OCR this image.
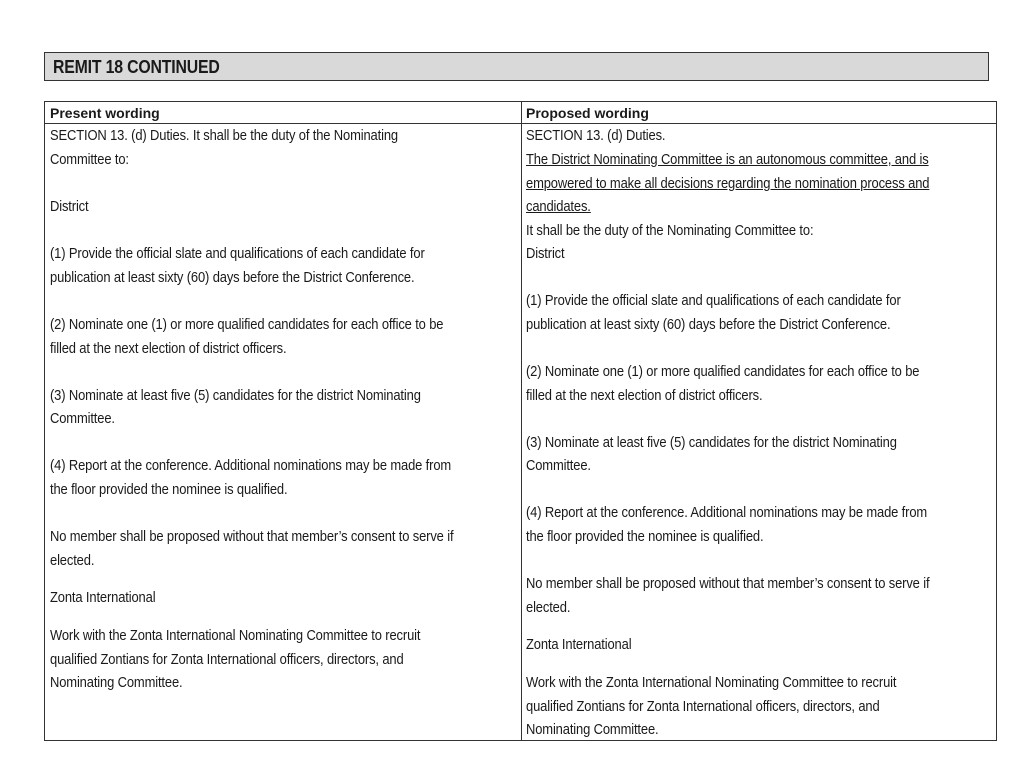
REMIT 18 CONTINUED
Present wording	Proposed wording
SECTION 13. (d) Duties. It shall be the duty of the Nominating
Committee to:
District
(1) Provide the official slate and qualifications of each candidate for
publication at least sixty (60) days before the District Conference.
(2) Nominate one (1) or more qualified candidates for each office to be
filled at the next election of district officers.
(3) Nominate at least five (5) candidates for the district Nominating
Committee.
(4) Report at the conference. Additional nominations may be made from
the floor provided the nominee is qualified.
No member shall be proposed without that member’s consent to serve if
elected.
Zonta International
Work with the Zonta International Nominating Committee to recruit
qualified Zontians for Zonta International officers, directors, and
Nominating Committee.
SECTION 13. (d) Duties.
The District Nominating Committee is an autonomous committee, and is
empowered to make all decisions regarding the nomination process and
candidates.
It shall be the duty of the Nominating Committee to:
District
(1) Provide the official slate and qualifications of each candidate for
publication at least sixty (60) days before the District Conference.
(2) Nominate one (1) or more qualified candidates for each office to be
filled at the next election of district officers.
(3) Nominate at least five (5) candidates for the district Nominating
Committee.
(4) Report at the conference. Additional nominations may be made from
the floor provided the nominee is qualified.
No member shall be proposed without that member’s consent to serve if
elected.
Zonta International
Work with the Zonta International Nominating Committee to recruit
qualified Zontians for Zonta International officers, directors, and
Nominating Committee.
